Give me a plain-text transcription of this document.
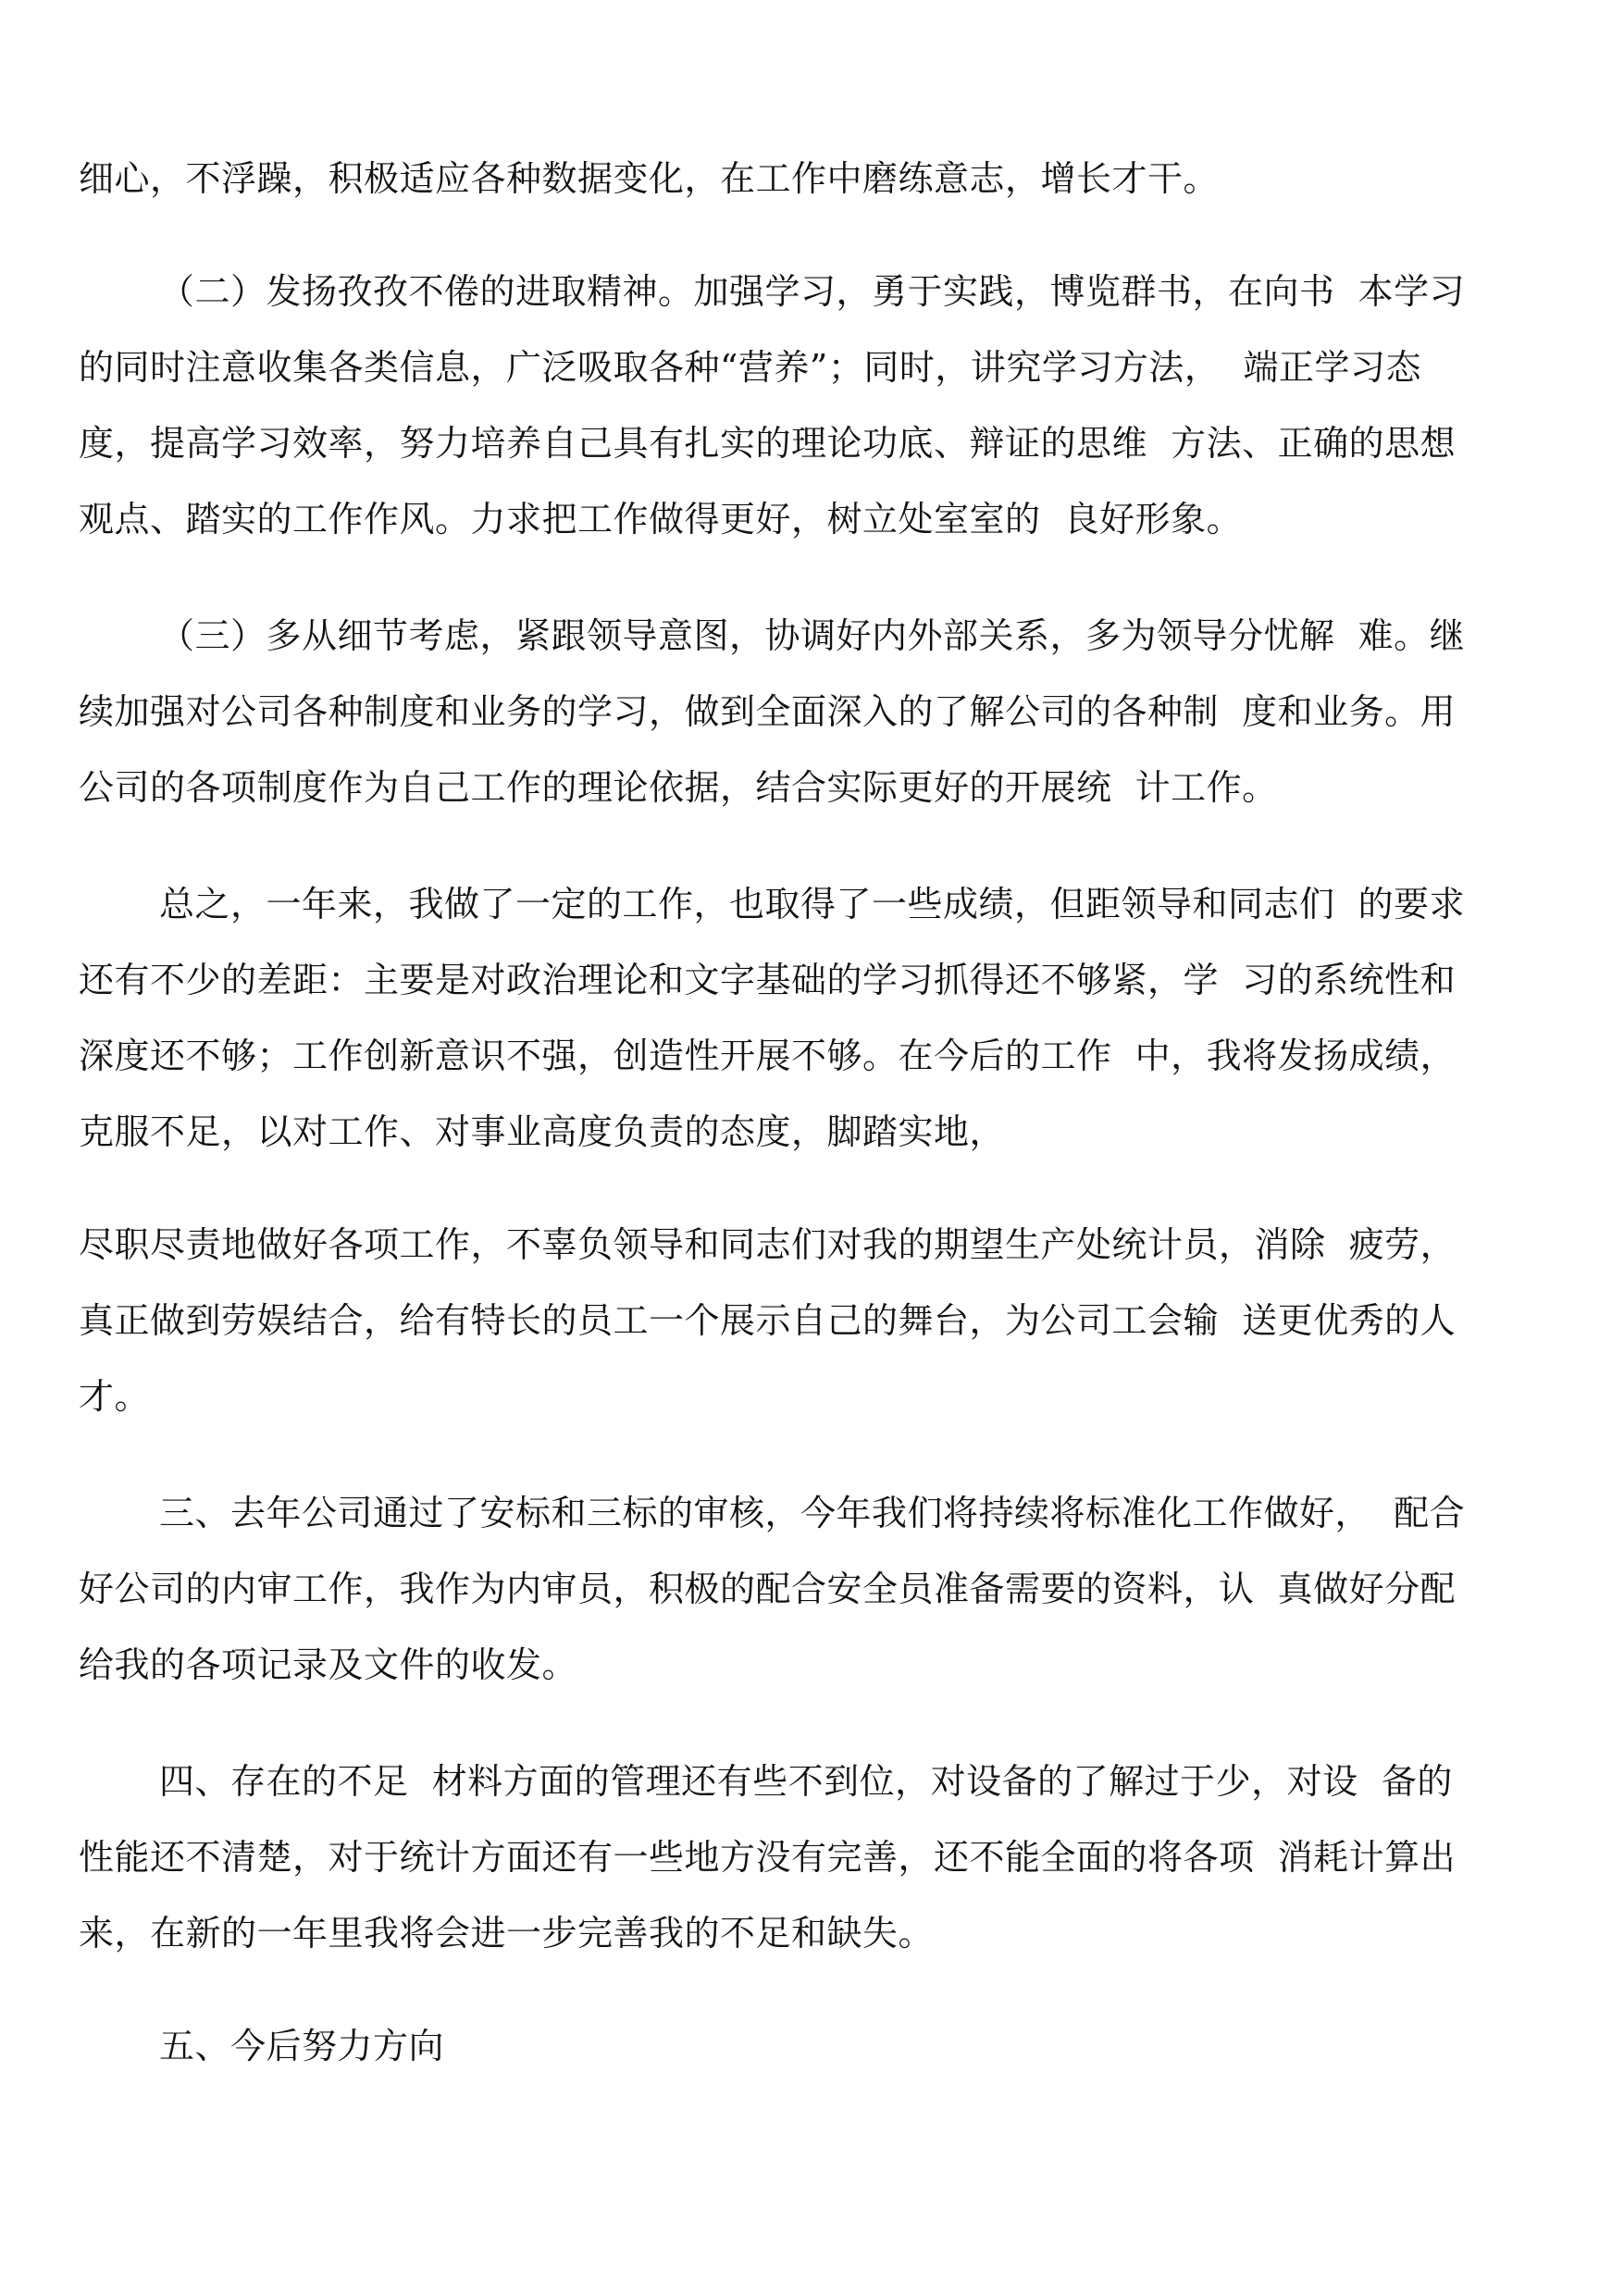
细心，不浮躁，积极适应各种数据变化，在工作中磨练意志，增长才干。
（二）发扬孜孜不倦的进取精神。加强学习，勇于实践，博览群书，在向书  本学习
的同时注意收集各类信息，广泛吸取各种“营养”；同时，讲究学习方法，  端正学习态
度，提高学习效率，努力培养自己具有扎实的理论功底、辩证的思维  方法、正确的思想
观点、踏实的工作作风。力求把工作做得更好，树立处室室的  良好形象。
（三）多从细节考虑，紧跟领导意图，协调好内外部关系，多为领导分忧解  难。继
续加强对公司各种制度和业务的学习，做到全面深入的了解公司的各种制  度和业务。用
公司的各项制度作为自己工作的理论依据，结合实际更好的开展统  计工作。
总之，一年来，我做了一定的工作，也取得了一些成绩，但距领导和同志们  的要求
还有不少的差距：主要是对政治理论和文字基础的学习抓得还不够紧，学  习的系统性和
深度还不够；工作创新意识不强，创造性开展不够。在今后的工作  中，我将发扬成绩，
克服不足，以对工作、对事业高度负责的态度，脚踏实地，
尽职尽责地做好各项工作，不辜负领导和同志们对我的期望生产处统计员，消除  疲劳，
真正做到劳娱结合，给有特长的员工一个展示自己的舞台，为公司工会输  送更优秀的人
才。
三、去年公司通过了安标和三标的审核，今年我们将持续将标准化工作做好，  配合
好公司的内审工作，我作为内审员，积极的配合安全员准备需要的资料，认  真做好分配
给我的各项记录及文件的收发。
四、存在的不足  材料方面的管理还有些不到位，对设备的了解过于少，对设  备的
性能还不清楚，对于统计方面还有一些地方没有完善，还不能全面的将各项  消耗计算出
来，在新的一年里我将会进一步完善我的不足和缺失。
五、今后努力方向
